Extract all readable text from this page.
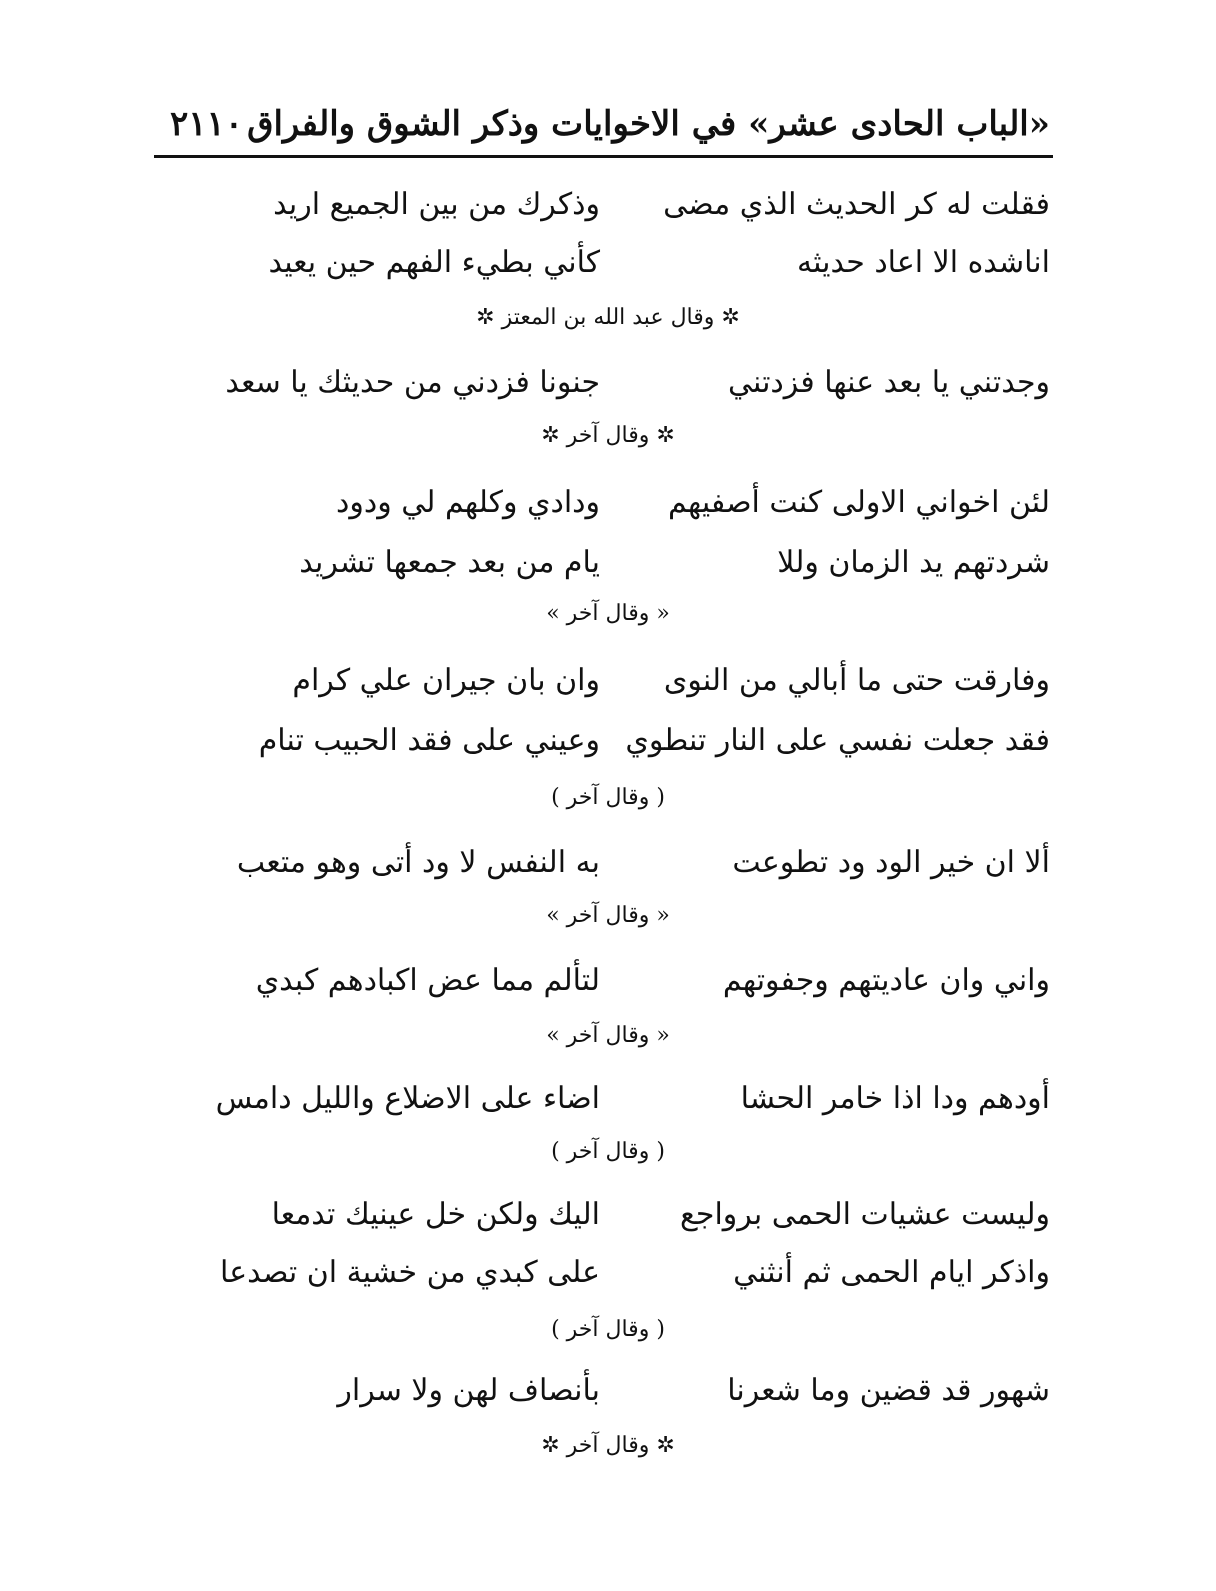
«الباب الحادى عشر» في الاخوايات وذكر الشوق والفراق
٢١١٠
فقلت له كر الحديث الذي مضى
وذكرك من بين الجميع اريد
اناشده الا اعاد حديثه
كأني بطيء الفهم حين يعيد
✲ وقال عبد الله بن المعتز ✲
وجدتني يا بعد عنها فزدتني
جنونا فزدني من حديثك يا سعد
✲ وقال آخر ✲
لئن اخواني الاولى كنت أصفيهم
ودادي وكلهم لي ودود
شردتهم يد الزمان وللا
يام من بعد جمعها تشريد
« وقال آخر »
وفارقت حتى ما أبالي من النوى
وان بان جيران علي كرام
فقد جعلت نفسي على النار تنطوي
وعيني على فقد الحبيب تنام
( وقال آخر )
ألا ان خير الود ود تطوعت
به النفس لا ود أتى وهو متعب
« وقال آخر »
واني وان عاديتهم وجفوتهم
لتألم مما عض اكبادهم كبدي
« وقال آخر »
أودهم ودا اذا خامر الحشا
اضاء على الاضلاع والليل دامس
( وقال آخر )
وليست عشيات الحمى برواجع
اليك ولكن خل عينيك تدمعا
واذكر ايام الحمى ثم أنثني
على كبدي من خشية ان تصدعا
( وقال آخر )
شهور قد قضين وما شعرنا
بأنصاف لهن ولا سرار
✲ وقال آخر ✲
